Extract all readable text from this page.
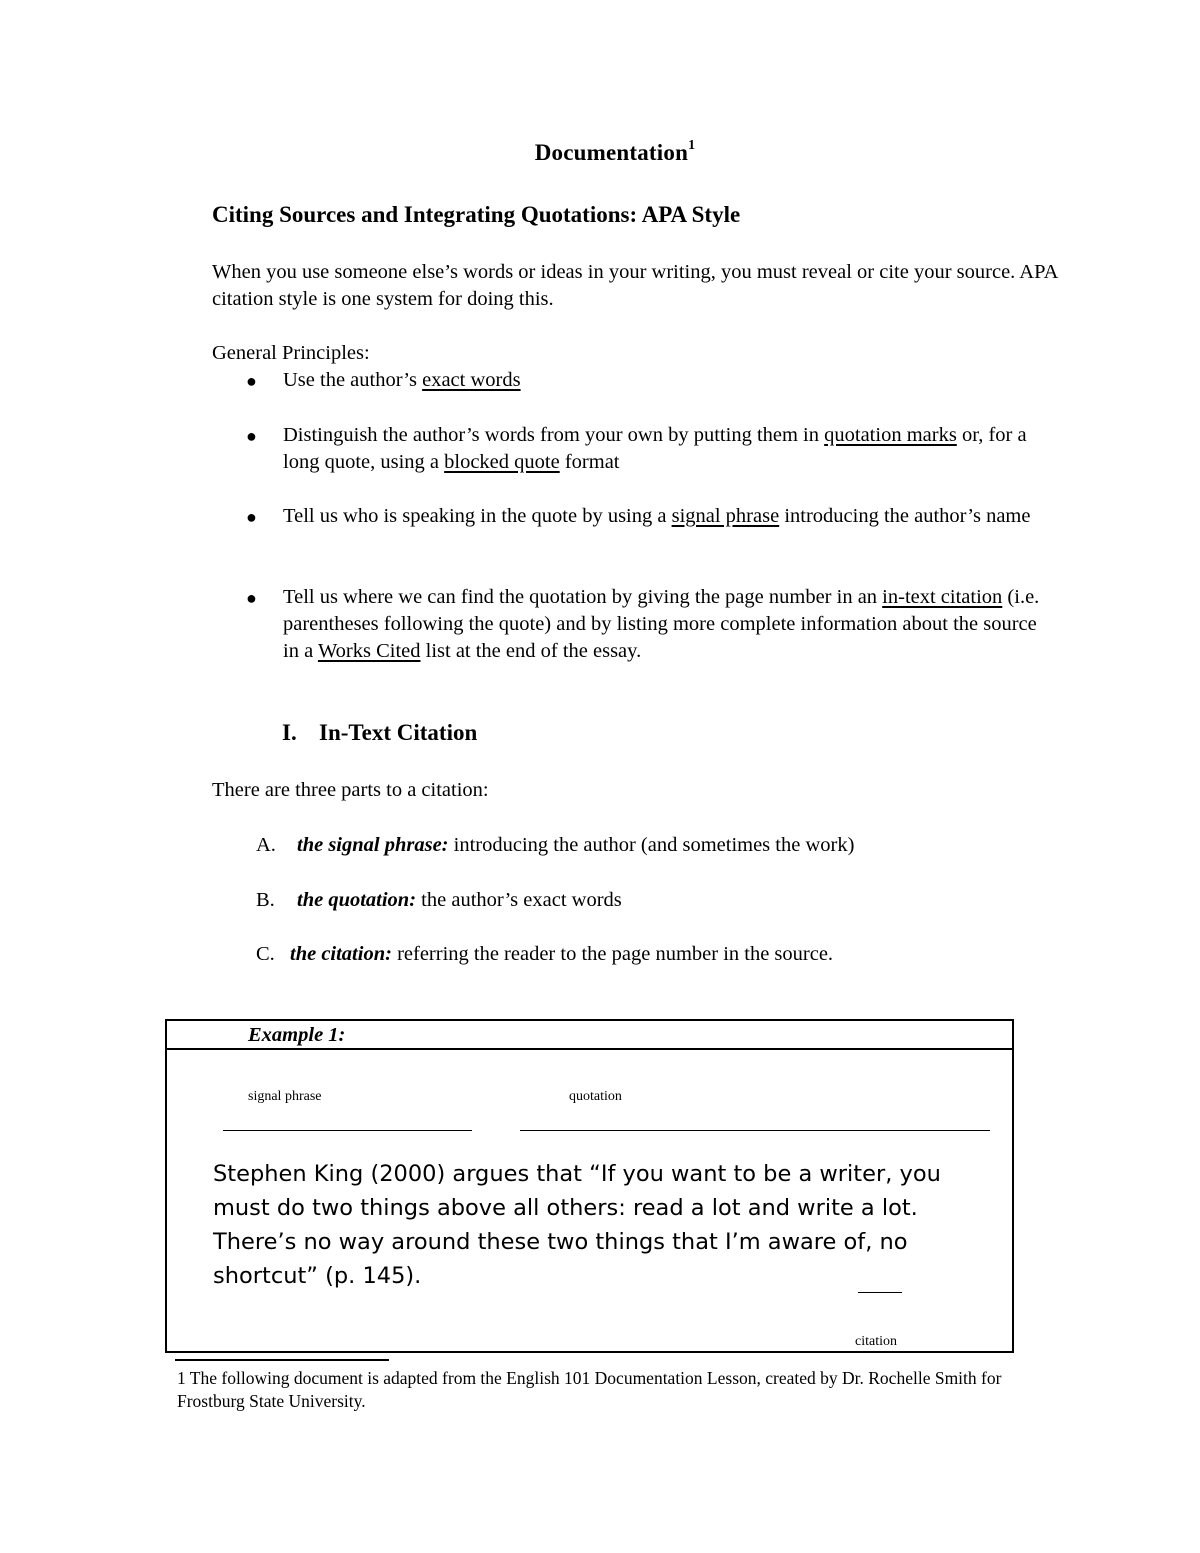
Documentation$^1$
Citing Sources and Integrating Quotations: APA Style
When you use someone else’s words or ideas in your writing, you must reveal or cite your source. APA citation style is one system for doing this.
General Principles:
● Use the author’s exact words
● Distinguish the author’s words from your own by putting them in quotation marks or, for a long quote, using a blocked quote format
● Tell us who is speaking in the quote by using a signal phrase introducing the author’s name
● Tell us where we can find the quotation by giving the page number in an in-text citation (i.e. parentheses following the quote) and by listing more complete information about the source in a Works Cited list at the end of the essay.
I. In-Text Citation
There are three parts to a citation:
A. the signal phrase: introducing the author (and sometimes the work)
B. the quotation: the author’s exact words
C. the citation: referring the reader to the page number in the source.
Example 1:
signal phrase	quotation
Stephen King (2000) argues that “If you want to be a writer, you must do two things above all others: read a lot and write a lot. There’s no way around these two things that I’m aware of, no shortcut” (p. 145).
citation
1 The following document is adapted from the English 101 Documentation Lesson, created by Dr. Rochelle Smith for Frostburg State University.
